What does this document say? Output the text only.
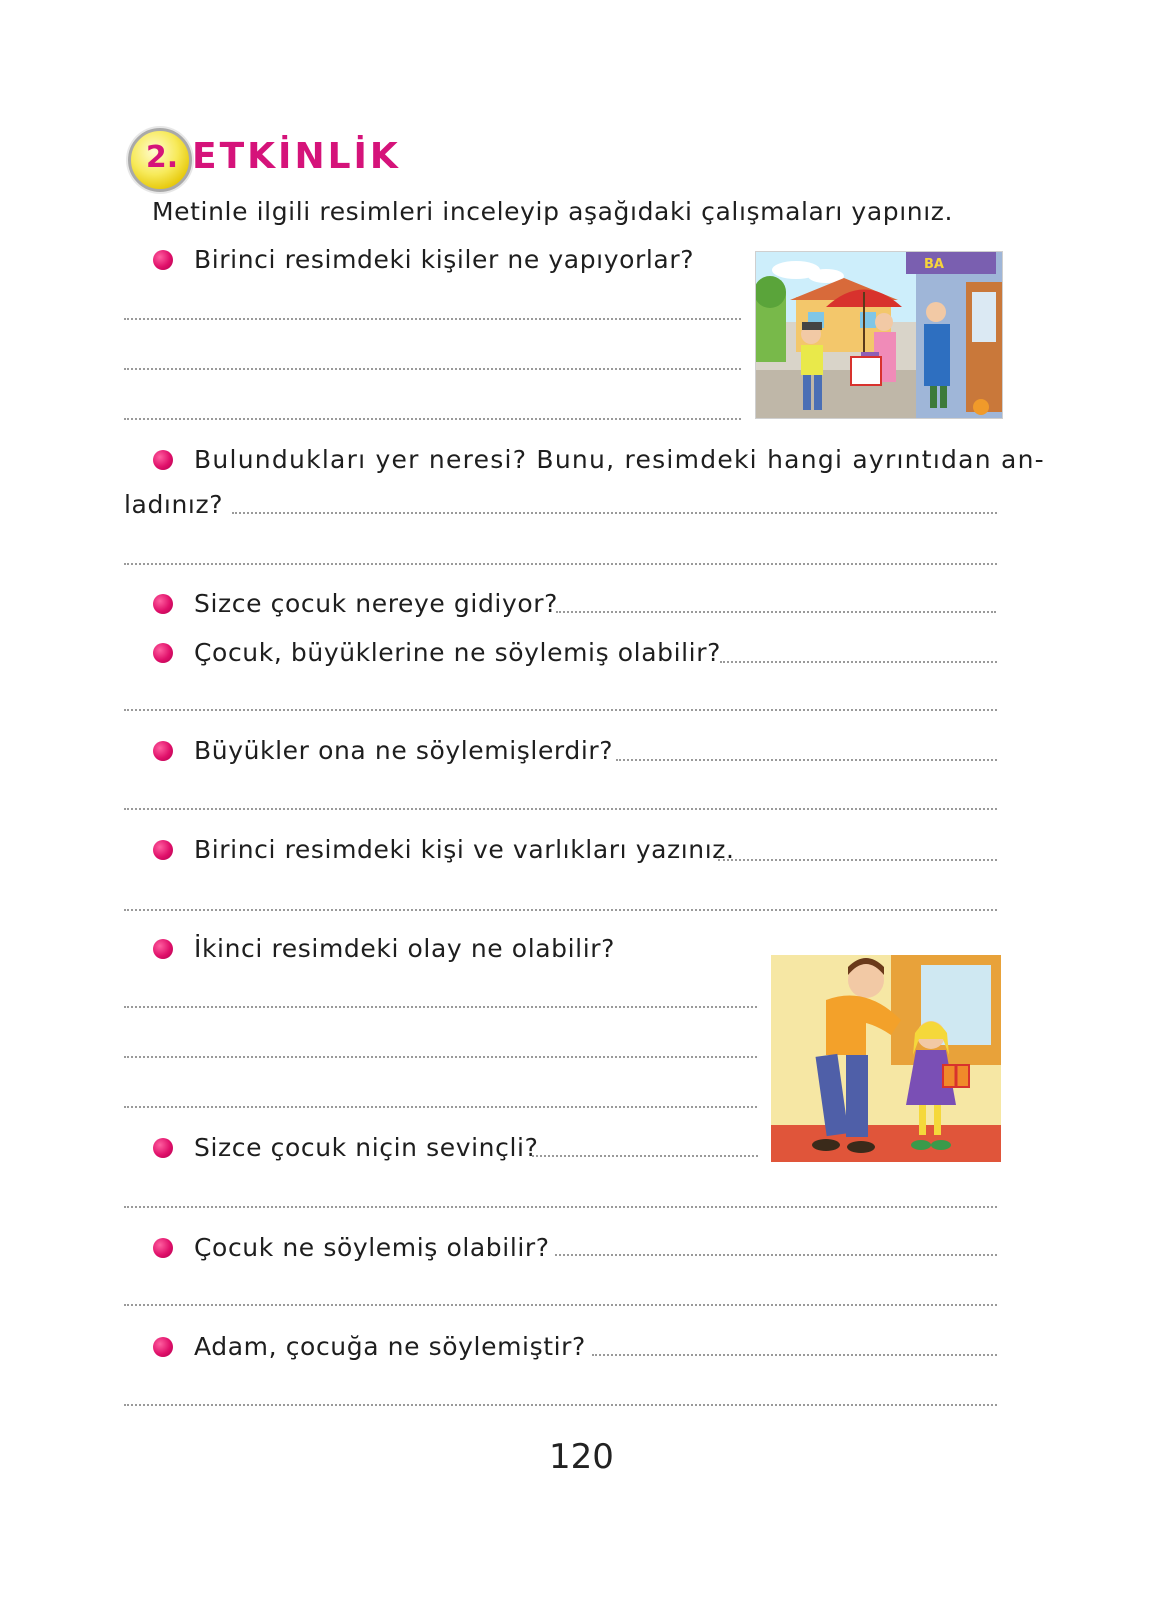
2. ETKİNLİK
Metinle ilgili resimleri inceleyip aşağıdaki çalışmaları yapınız.
Birinci resimdeki kişiler ne yapıyorlar?	BA
Bulundukları yer neresi? Bunu, resimdeki hangi ayrıntıdan an-
ladınız?
Sizce çocuk nereye gidiyor?
Çocuk, büyüklerine ne söylemiş olabilir?
Büyükler ona ne söylemişlerdir?
Birinci resimdeki kişi ve varlıkları yazınız.
İkinci resimdeki olay ne olabilir?
Sizce çocuk niçin sevinçli?
Çocuk ne söylemiş olabilir?
Adam, çocuğa ne söylemiştir?
120
